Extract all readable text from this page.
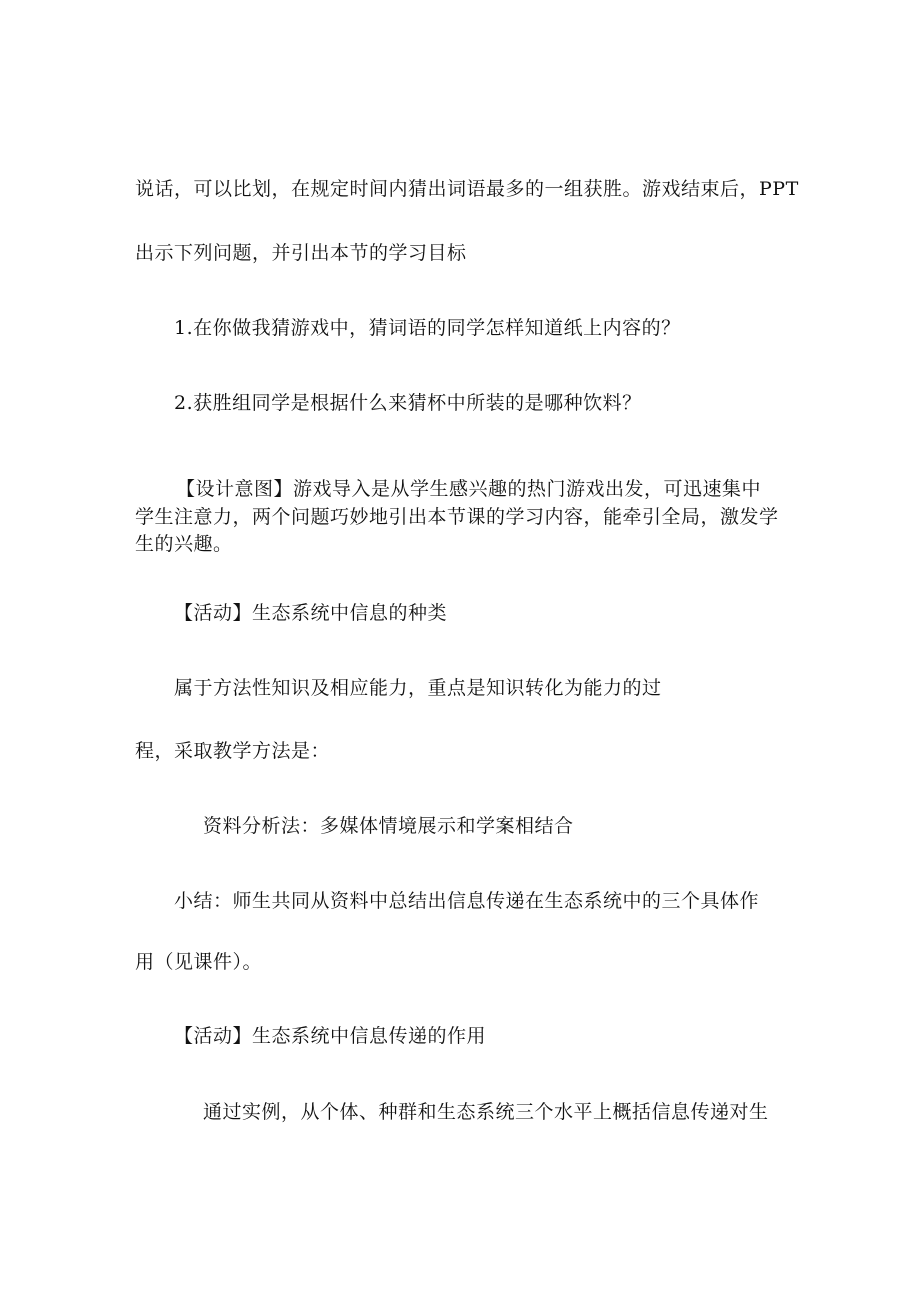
说话，可以比划，在规定时间内猜出词语最多的一组获胜。游戏结束后，PPT
出示下列问题，并引出本节的学习目标
1.在你做我猜游戏中，猜词语的同学怎样知道纸上内容的？
2.获胜组同学是根据什么来猜杯中所装的是哪种饮料？
【设计意图】游戏导入是从学生感兴趣的热门游戏出发，可迅速集中
学生注意力，两个问题巧妙地引出本节课的学习内容，能牵引全局，激发学
生的兴趣。
【活动】生态系统中信息的种类
属于方法性知识及相应能力，重点是知识转化为能力的过
程，采取教学方法是：
资料分析法：多媒体情境展示和学案相结合
小结：师生共同从资料中总结出信息传递在生态系统中的三个具体作
用（见课件）。
【活动】生态系统中信息传递的作用
通过实例，从个体、种群和生态系统三个水平上概括信息传递对生
